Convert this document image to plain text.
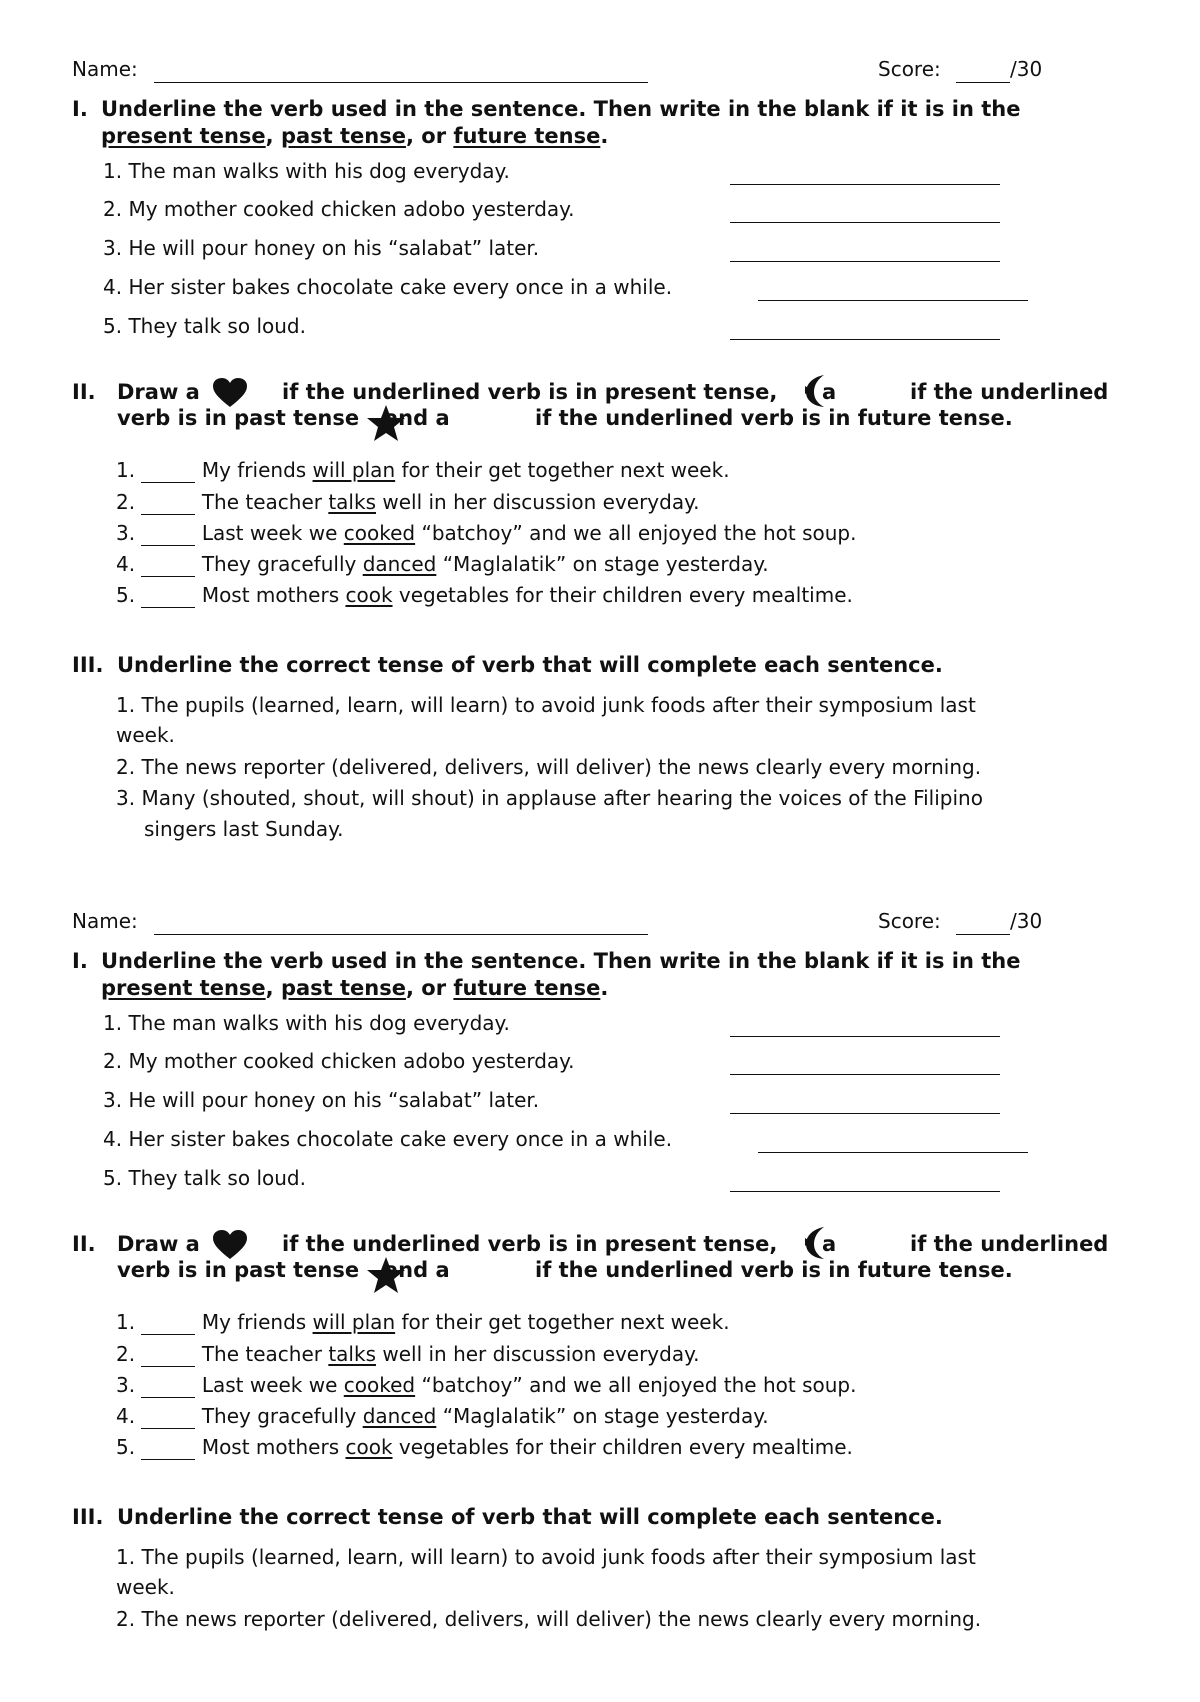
Name:	Score:	/30
I. Underline the verb used in the sentence. Then write in the blank if it is in the
present tense, past tense, or future tense.
1. The man walks with his dog everyday.
2. My mother cooked chicken adobo yesterday.
3. He will pour honey on his “salabat” later.
4. Her sister bakes chocolate cake every once in a while.
5. They talk so loud.
II. Draw a	if the underlined verb is in present tense, a	if the underlined
verb is in past tense and a	if the underlined verb is in future tense.
1.	My friends will plan for their get together next week.
2.	The teacher talks well in her discussion everyday.
3.	Last week we cooked “batchoy” and we all enjoyed the hot soup.
4.	They gracefully danced “Maglalatik” on stage yesterday.
5.	Most mothers cook vegetables for their children every mealtime.
III. Underline the correct tense of verb that will complete each sentence.
1. The pupils (learned, learn, will learn) to avoid junk foods after their symposium last
week.
2. The news reporter (delivered, delivers, will deliver) the news clearly every morning.
3. Many (shouted, shout, will shout) in applause after hearing the voices of the Filipino
singers last Sunday.
Name:	Score:	/30
I. Underline the verb used in the sentence. Then write in the blank if it is in the
present tense, past tense, or future tense.
1. The man walks with his dog everyday.
2. My mother cooked chicken adobo yesterday.
3. He will pour honey on his “salabat” later.
4. Her sister bakes chocolate cake every once in a while.
5. They talk so loud.
II. Draw a	if the underlined verb is in present tense, a	if the underlined
verb is in past tense and a	if the underlined verb is in future tense.
1.	My friends will plan for their get together next week.
2.	The teacher talks well in her discussion everyday.
3.	Last week we cooked “batchoy” and we all enjoyed the hot soup.
4.	They gracefully danced “Maglalatik” on stage yesterday.
5.	Most mothers cook vegetables for their children every mealtime.
III. Underline the correct tense of verb that will complete each sentence.
1. The pupils (learned, learn, will learn) to avoid junk foods after their symposium last
week.
2. The news reporter (delivered, delivers, will deliver) the news clearly every morning.
